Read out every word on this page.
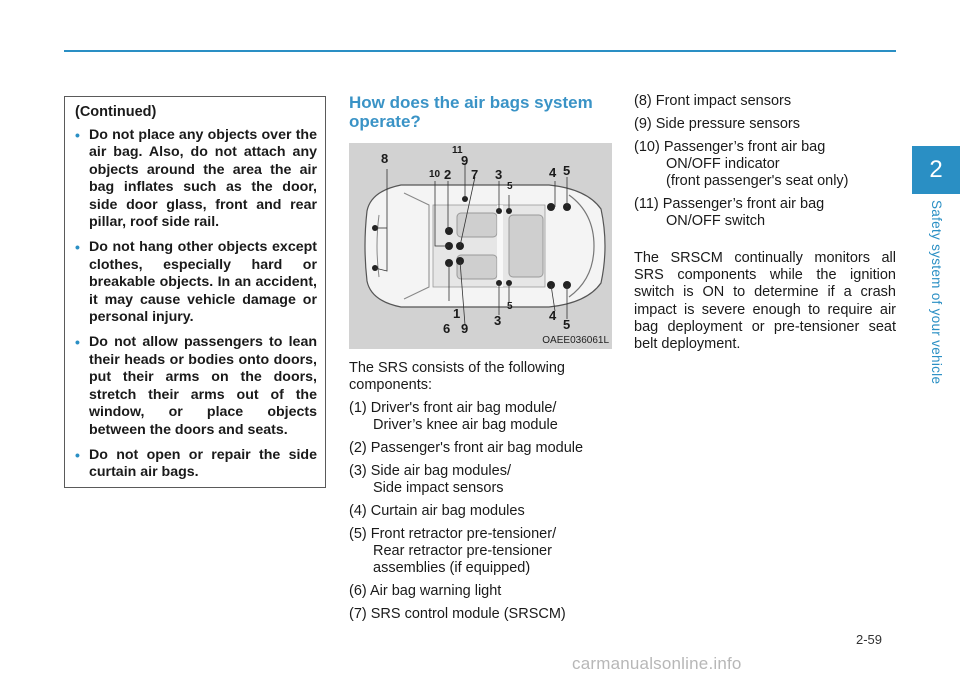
2
Safety system of your vehicle
(Continued)
• Do not place any objects over the air bag. Also, do not attach any objects around the area the air bag inflates such as the door, side door glass, front and rear pillar, roof side rail.
• Do not hang other objects except clothes, especially hard or breakable objects. In an accident, it may cause vehicle damage or personal injury.
• Do not allow passengers to lean their heads or bodies onto doors, put their arms on the doors, stretch their arms out of the window, or place objects between the doors and seats.
• Do not open or repair the side curtain air bags.
How does the air bags system operate?
8
11
9
10 2 7 3
5
4 5
1
6 9
3
5
4
5
OAEE036061L

The SRS consists of the following components:

(1) Driver's front air bag module/
Driver’s knee air bag module
(2) Passenger's front air bag module
(3) Side air bag modules/
Side impact sensors
(4) Curtain air bag modules
(5) Front retractor pre-tensioner/
Rear retractor pre-tensioner
assemblies (if equipped)
(6) Air bag warning light
(7) SRS control module (SRSCM)
(8) Front impact sensors
(9) Side pressure sensors
(10) Passenger’s front air bag
ON/OFF indicator
(front passenger's seat only)
(11) Passenger’s front air bag
ON/OFF switch

The SRSCM continually monitors all SRS components while the ignition switch is ON to determine if a crash impact is severe enough to require air bag deployment or pre-tensioner seat belt deployment.

2-59
carmanualsonline.info
